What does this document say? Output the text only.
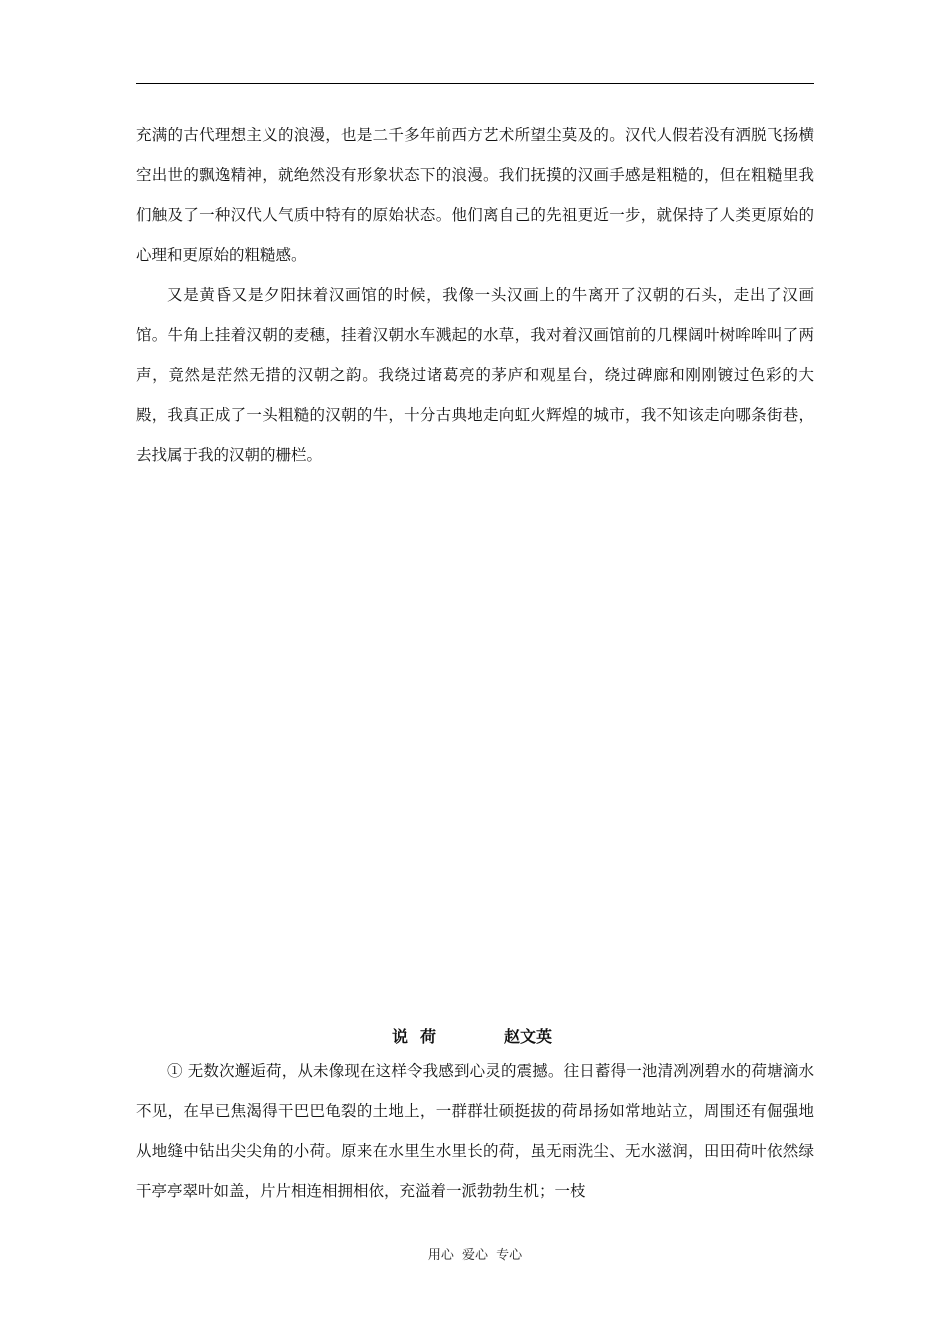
充满的古代理想主义的浪漫，也是二千多年前西方艺术所望尘莫及的。汉代人假若没有洒脱飞扬横空出世的飘逸精神，就绝然没有形象状态下的浪漫。我们抚摸的汉画手感是粗糙的，但在粗糙里我们触及了一种汉代人气质中特有的原始状态。他们离自己的先祖更近一步，就保持了人类更原始的心理和更原始的粗糙感。

又是黄昏又是夕阳抹着汉画馆的时候，我像一头汉画上的牛离开了汉朝的石头，走出了汉画馆。牛角上挂着汉朝的麦穗，挂着汉朝水车溅起的水草，我对着汉画馆前的几棵阔叶树哞哞叫了两声，竟然是茫然无措的汉朝之韵。我绕过诸葛亮的茅庐和观星台，绕过碑廊和刚刚镀过色彩的大殿，我真正成了一头粗糙的汉朝的牛，十分古典地走向虹火辉煌的城市，我不知该走向哪条街巷，去找属于我的汉朝的栅栏。

说荷	赵文英

① 无数次邂逅荷，从未像现在这样令我感到心灵的震撼。往日蓄得一池清冽冽碧水的荷塘滴水不见，在早已焦渴得干巴巴龟裂的土地上，一群群壮硕挺拔的荷昂扬如常地站立，周围还有倔强地从地缝中钻出尖尖角的小荷。原来在水里生水里长的荷，虽无雨洗尘、无水滋润，田田荷叶依然绿干亭亭翠叶如盖，片片相连相拥相依，充溢着一派勃勃生机；一枝

用心 爱心 专心
